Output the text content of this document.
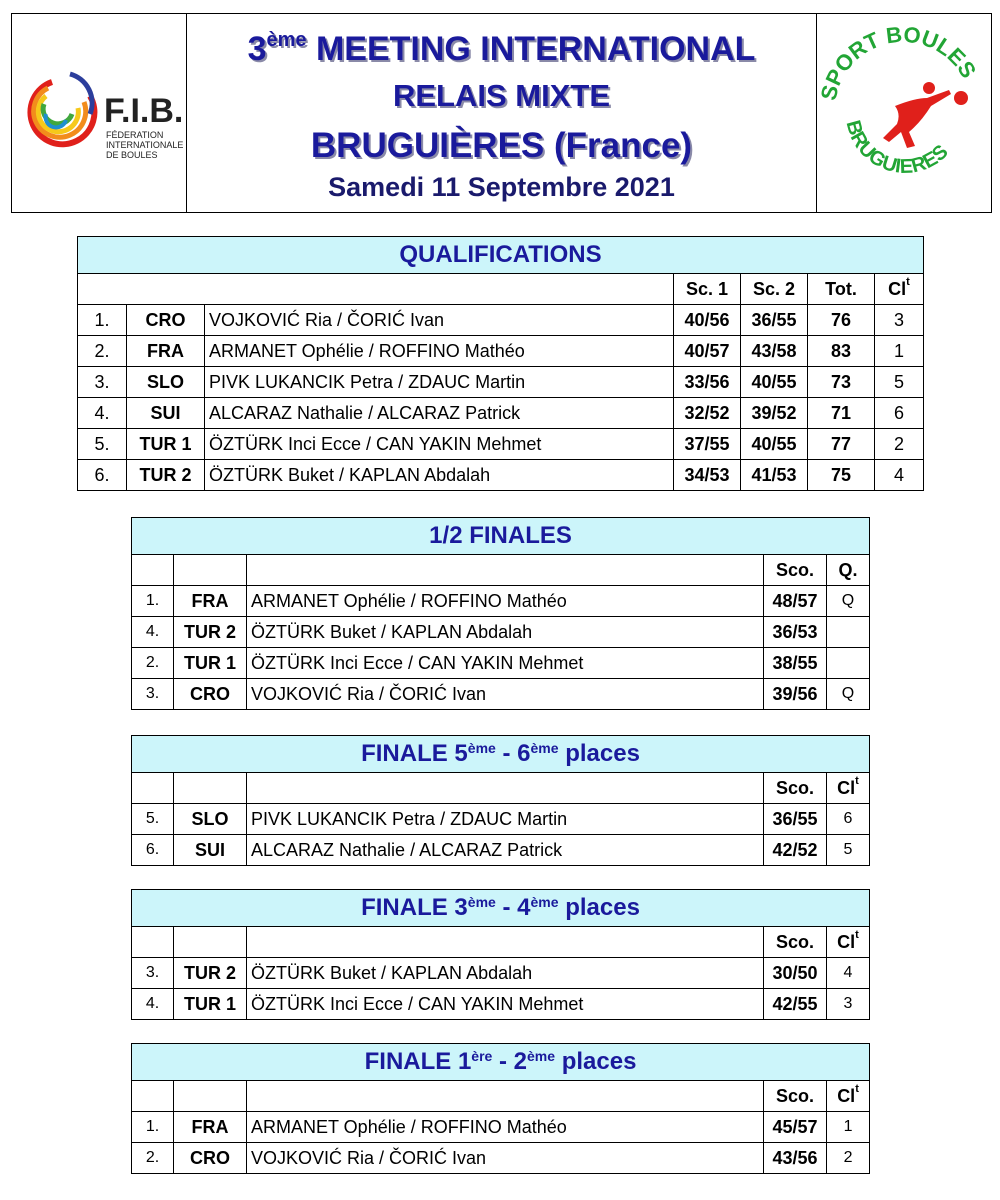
F.I.B.
FÉDERATION
INTERNATIONALE
DE BOULES
3ème MEETING INTERNATIONAL
RELAIS MIXTE
BRUGUIÈRES (France)
Samedi 11 Septembre 2021
SPORT BOULES
BRUGUIERES
QUALIFICATIONS						
			Sc. 1	Sc. 2	Tot.	Cl$^t$
1.	CRO	VOJKOVIĆ Ria / ČORIĆ Ivan	40/56	36/55	76	3
2.	FRA	ARMANET Ophélie / ROFFINO Mathéo	40/57	43/58	83	1
3.	SLO	PIVK LUKANCIK Petra / ZDAUC Martin	33/56	40/55	73	5
4.	SUI	ALCARAZ Nathalie / ALCARAZ Patrick	32/52	39/52	71	6
5.	TUR 1	ÖZTÜRK Inci Ecce / CAN YAKIN Mehmet	37/55	40/55	77	2
6.	TUR 2	ÖZTÜRK Buket / KAPLAN Abdalah	34/53	41/53	75	4
1/2 FINALES				
			Sco.	Q.
1.	FRA	ARMANET Ophélie / ROFFINO Mathéo	48/57	Q
4.	TUR 2	ÖZTÜRK Buket / KAPLAN Abdalah	36/53	
2.	TUR 1	ÖZTÜRK Inci Ecce / CAN YAKIN Mehmet	38/55	
3.	CRO	VOJKOVIĆ Ria / ČORIĆ Ivan	39/56	Q
FINALE 5ème - 6ème places				
			Sco.	Cl$^t$
5.	SLO	PIVK LUKANCIK Petra / ZDAUC Martin	36/55	6
6.	SUI	ALCARAZ Nathalie / ALCARAZ Patrick	42/52	5
FINALE 3ème - 4ème places				
			Sco.	Cl$^t$
3.	TUR 2	ÖZTÜRK Buket / KAPLAN Abdalah	30/50	4
4.	TUR 1	ÖZTÜRK Inci Ecce / CAN YAKIN Mehmet	42/55	3
FINALE 1ère - 2ème places				
			Sco.	Cl$^t$
1.	FRA	ARMANET Ophélie / ROFFINO Mathéo	45/57	1
2.	CRO	VOJKOVIĆ Ria / ČORIĆ Ivan	43/56	2
